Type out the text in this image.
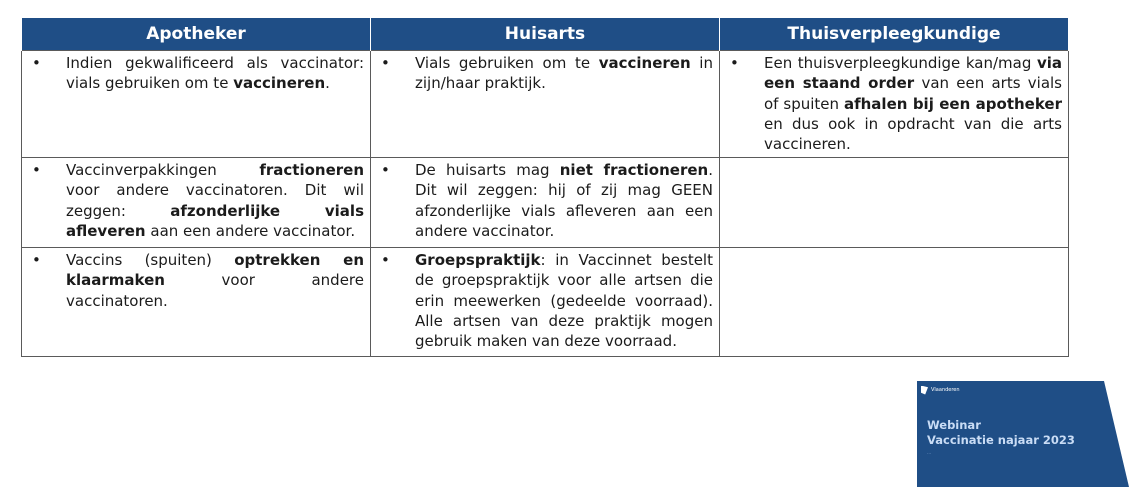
Apotheker	Huisarts	Thuisverpleegkundige

• Indien gekwalificeerd als vaccinator: vials gebruiken om te vaccineren.	• Vials gebruiken om te vaccineren in zijn/haar praktijk.	• Een thuisverpleegkundige kan/mag via een staand order van een arts vials of spuiten afhalen bij een apotheker en dus ook in opdracht van die arts vaccineren.

• Vaccinverpakkingen fractioneren voor andere vaccinatoren. Dit wil zeggen: afzonderlijke vials afleveren aan een andere vaccinator.	• De huisarts mag niet fractioneren. Dit wil zeggen: hij of zij mag GEEN afzonderlijke vials afleveren aan een andere vaccinator.	

• Vaccins (spuiten) optrekken en klaarmaken voor andere vaccinatoren.	• Groepspraktijk: in Vaccinnet bestelt de groepspraktijk voor alle artsen die erin meewerken (gedeelde voorraad). Alle artsen van deze praktijk mogen gebruik maken van deze voorraad.	

Vlaanderen
Webinar
Vaccinatie najaar 2023
...
